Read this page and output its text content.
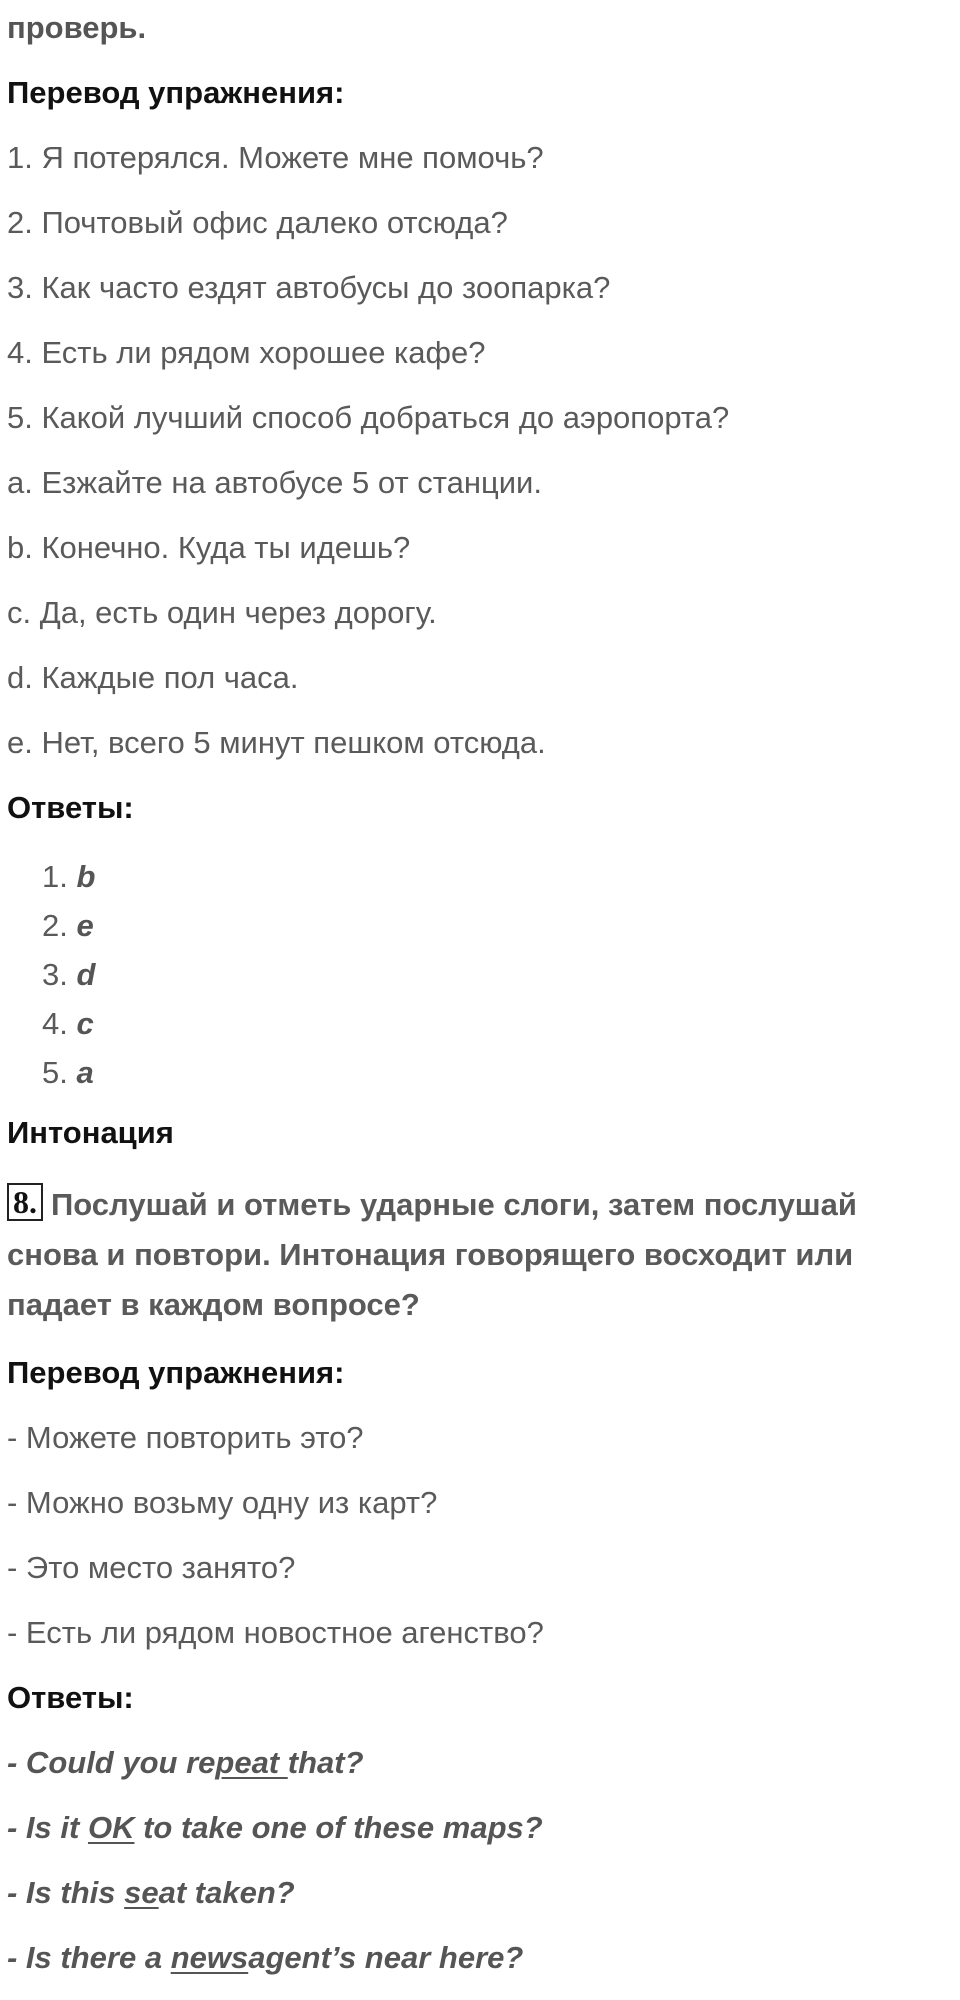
проверь.
Перевод упражнения:
1. Я потерялся. Можете мне помочь?
2. Почтовый офис далеко отсюда?
3. Как часто ездят автобусы до зоопарка?
4. Есть ли рядом хорошее кафе?
5. Какой лучший способ добраться до аэропорта?
a. Езжайте на автобусе 5 от станции.
b. Конечно. Куда ты идешь?
c. Да, есть один через дорогу.
d. Каждые пол часа.
e. Нет, всего 5 минут пешком отсюда.
Ответы:
1. b
2. e
3. d
4. c
5. a
Интонация
8. Послушай и отметь ударные слоги, затем послушай снова и повтори. Интонация говорящего восходит или падает в каждом вопросе?
Перевод упражнения:
- Можете повторить это?
- Можно возьму одну из карт?
- Это место занято?
- Есть ли рядом новостное агенство?
Ответы:
- Could you repeat that?
- Is it OK to take one of these maps?
- Is this seat taken?
- Is there a newsagent’s near here?
